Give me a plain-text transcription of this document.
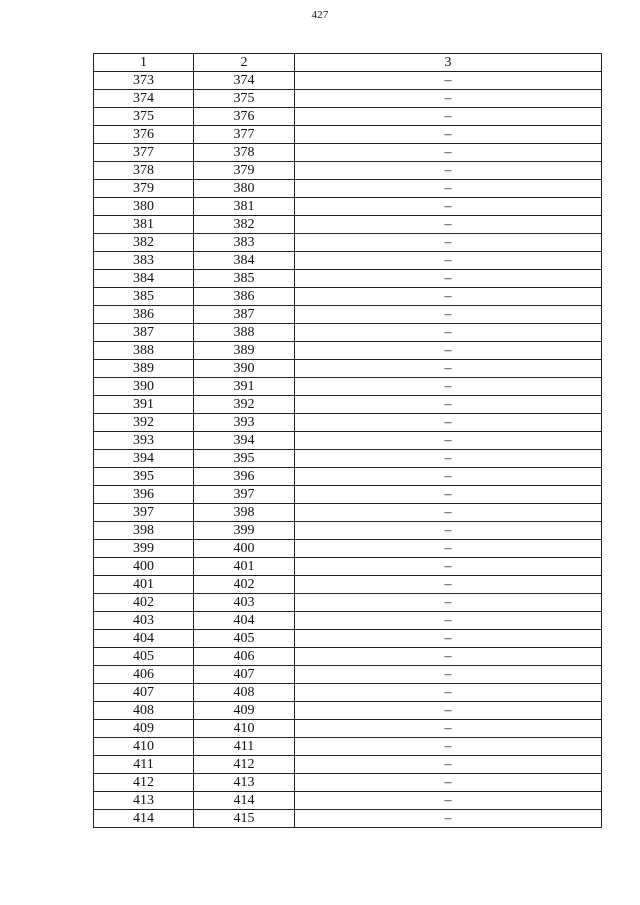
427
1	2	3
373	374	–
374	375	–
375	376	–
376	377	–
377	378	–
378	379	–
379	380	–
380	381	–
381	382	–
382	383	–
383	384	–
384	385	–
385	386	–
386	387	–
387	388	–
388	389	–
389	390	–
390	391	–
391	392	–
392	393	–
393	394	–
394	395	–
395	396	–
396	397	–
397	398	–
398	399	–
399	400	–
400	401	–
401	402	–
402	403	–
403	404	–
404	405	–
405	406	–
406	407	–
407	408	–
408	409	–
409	410	–
410	411	–
411	412	–
412	413	–
413	414	–
414	415	–
